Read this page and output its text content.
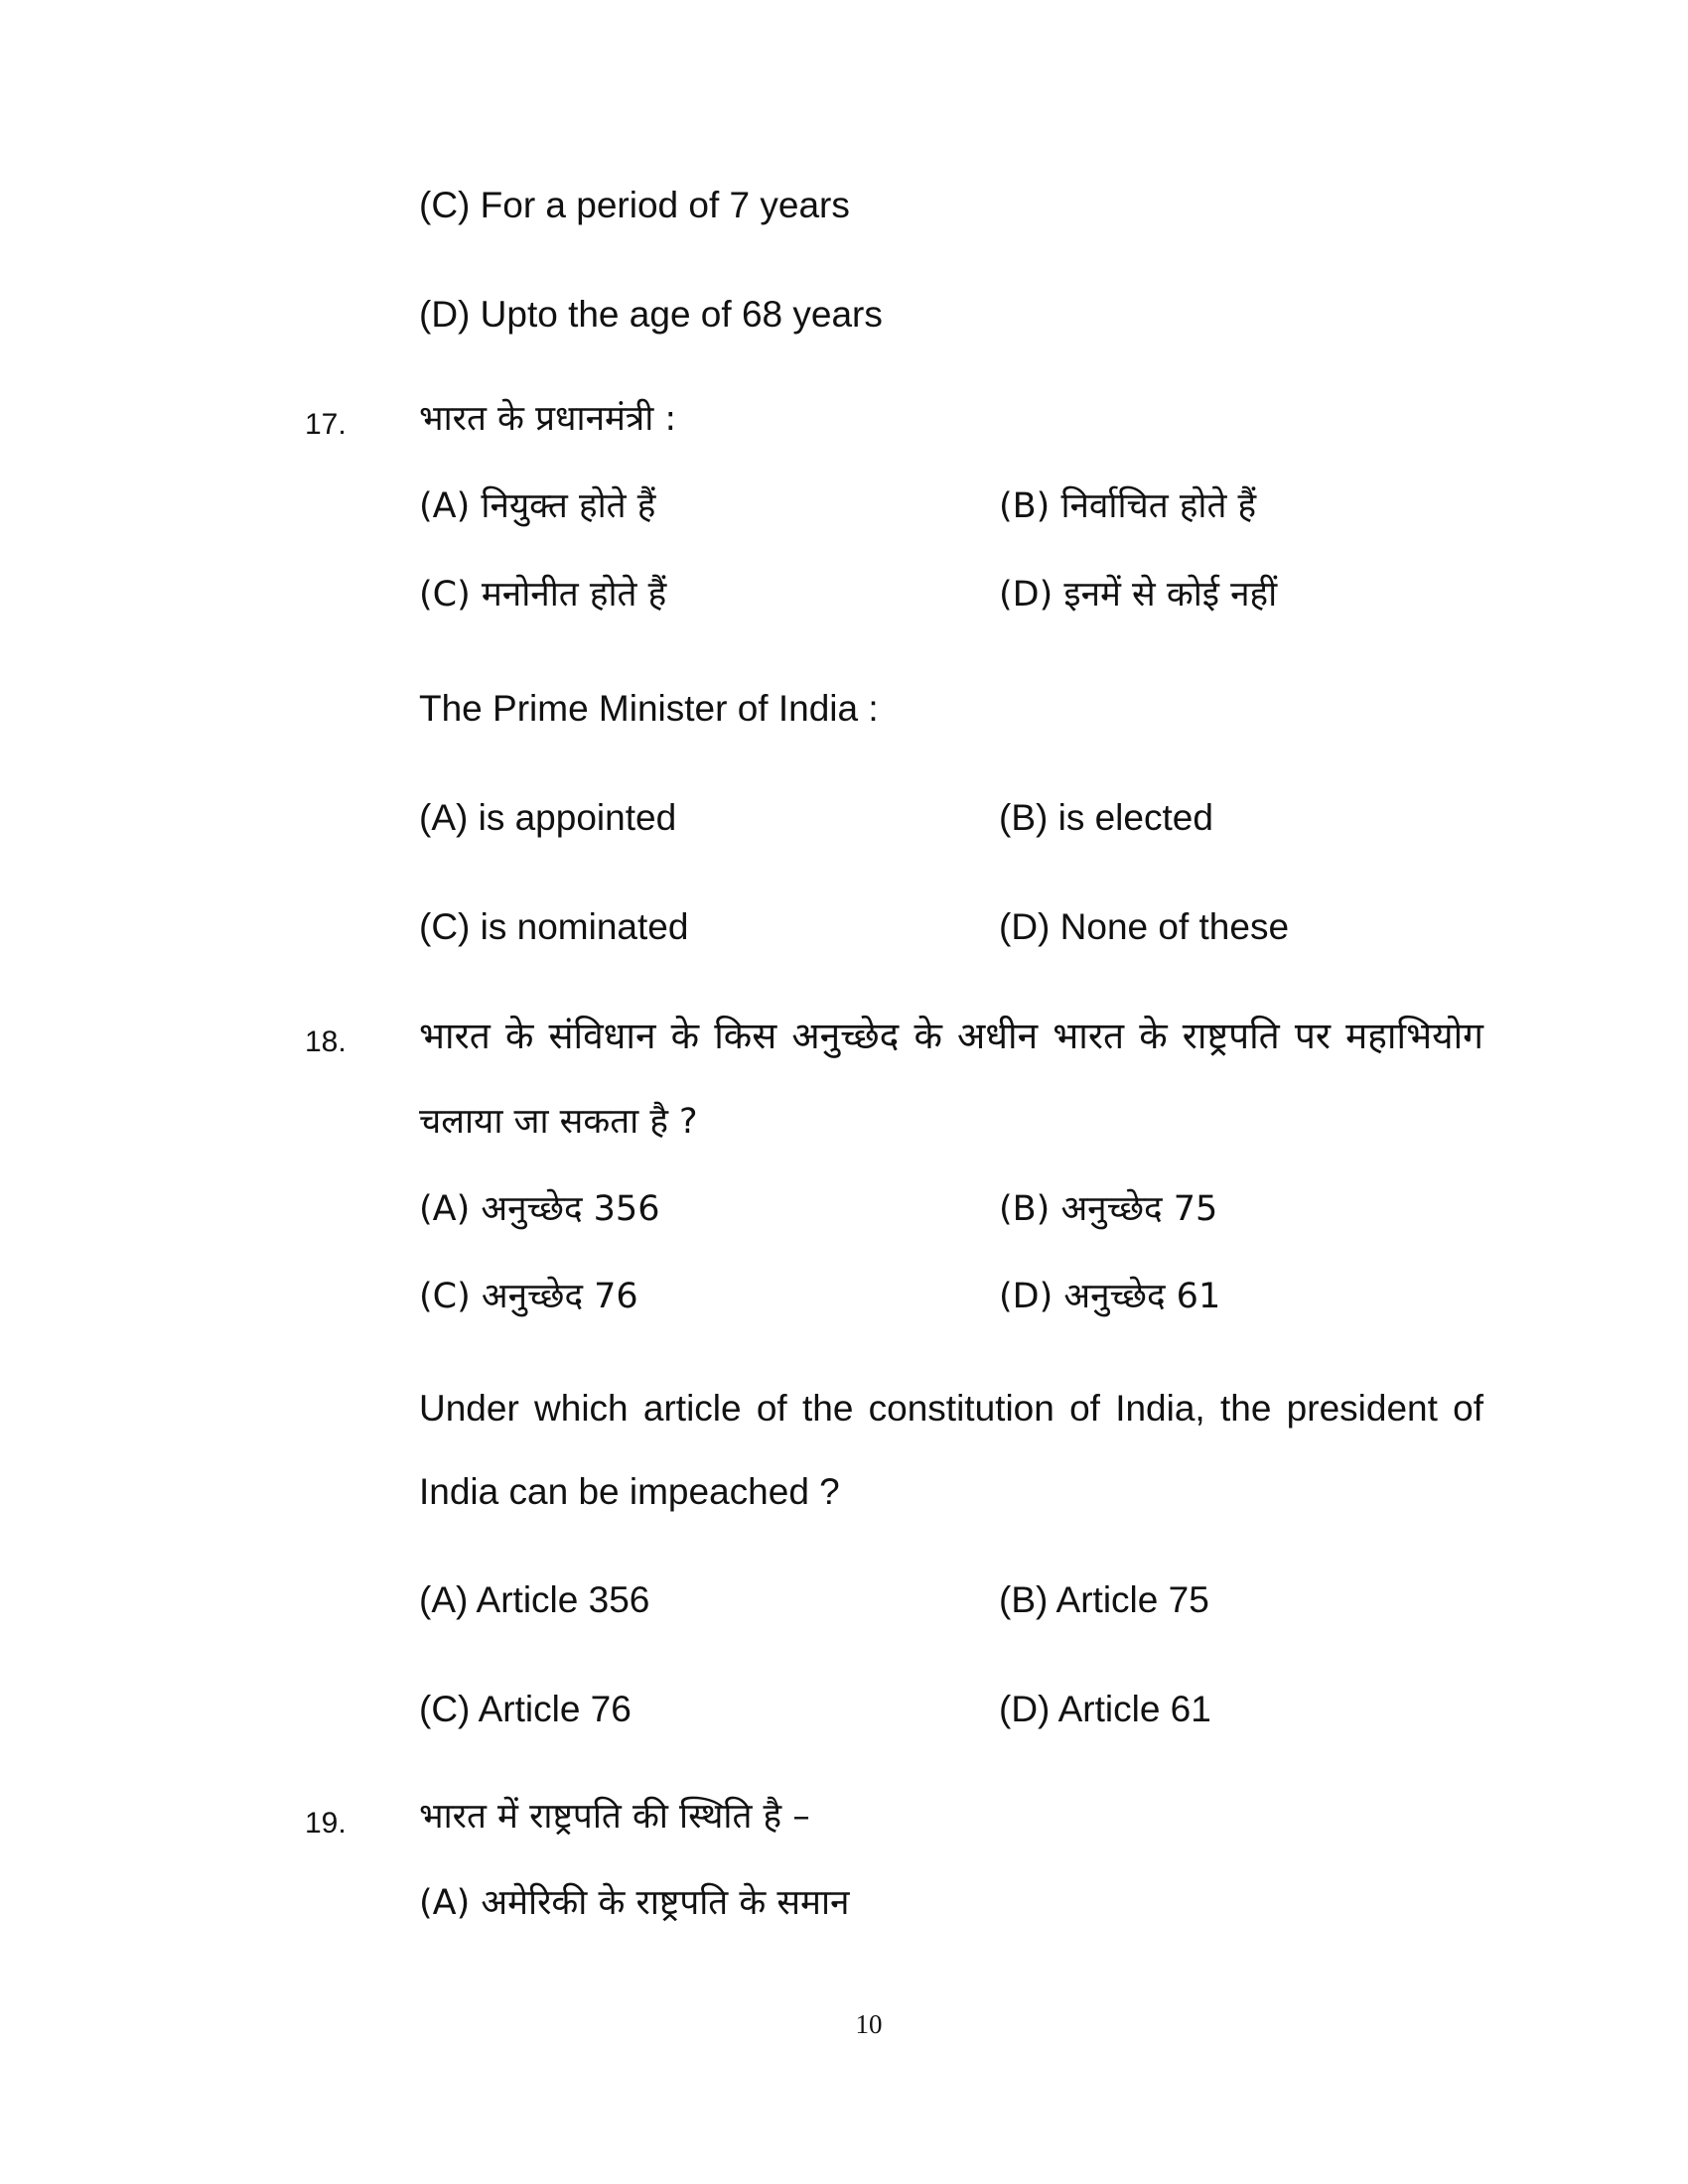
(C) For a period of 7 years
(D) Upto the age of 68 years
17. भारत के प्रधानमंत्री :
(A) नियुक्त होते हैं	(B) निर्वाचित होते हैं
(C) मनोनीत होते हैं	(D) इनमें से कोई नहीं
The Prime Minister of India :
(A) is appointed	(B) is elected
(C) is nominated	(D) None of these
18. भारत के संविधान के किस अनुच्छेद के अधीन भारत के राष्ट्रपति पर महाभियोग
चलाया जा सकता है ?
(A) अनुच्छेद 356	(B) अनुच्छेद 75
(C) अनुच्छेद 76	(D) अनुच्छेद 61
Under which article of the constitution of India, the president of
India can be impeached ?
(A) Article 356	(B) Article 75
(C) Article 76	(D) Article 61
19. भारत में राष्ट्रपति की स्थिति है –
(A) अमेरिकी के राष्ट्रपति के समान
10
